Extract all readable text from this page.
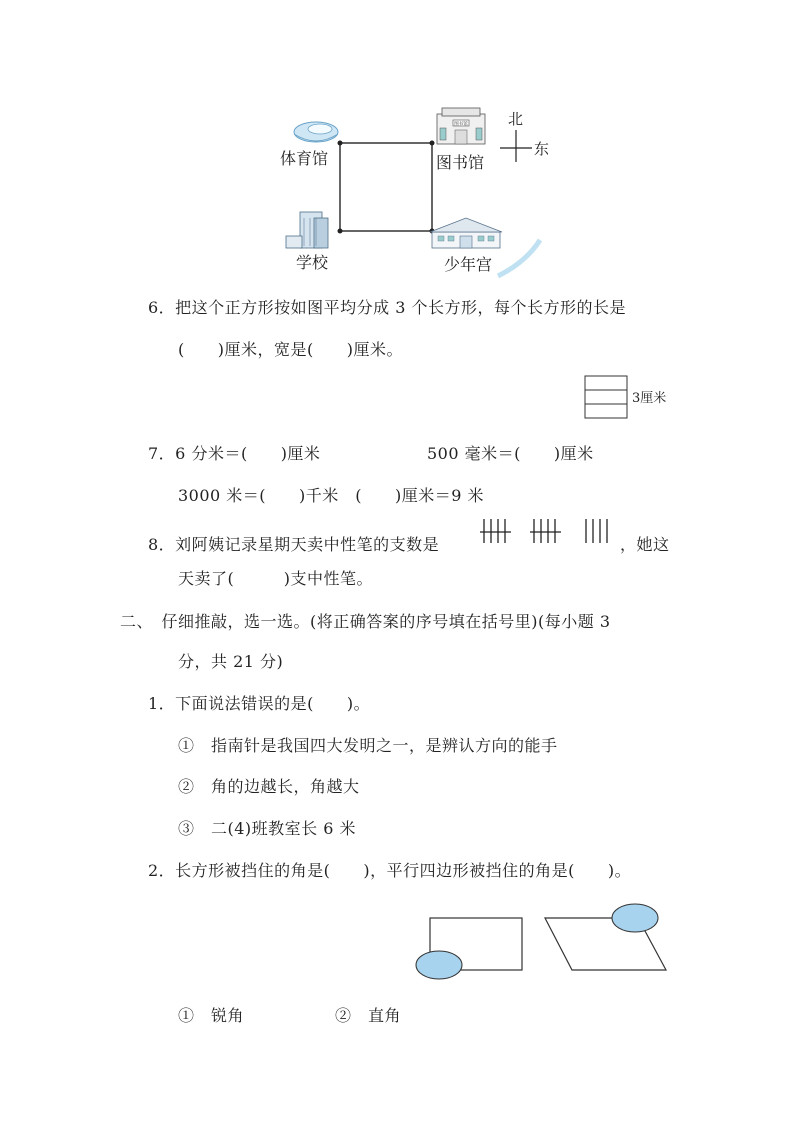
图书馆
体育馆	图书馆
学校	少年宫
北
东
6．把这个正方形按如图平均分成 3 个长方形，每个长方形的长是
(　　)厘米，宽是(　　)厘米。
3厘米
7．6 分米＝(　　)厘米	500 毫米＝(　　)厘米
3000 米＝(　　)千米　(　　)厘米＝9 米
8．刘阿姨记录星期天卖中性笔的支数是	，她这
天卖了(　　　)支中性笔。
二、　仔细推敲，选一选。(将正确答案的序号填在括号里)(每小题 3
分，共 21 分)
1．下面说法错误的是(　　)。
①　指南针是我国四大发明之一，是辨认方向的能手
②　角的边越长，角越大
③　二(4)班教室长 6 米
2．长方形被挡住的角是(　　)，平行四边形被挡住的角是(　　)。
①　锐角	②　直角
